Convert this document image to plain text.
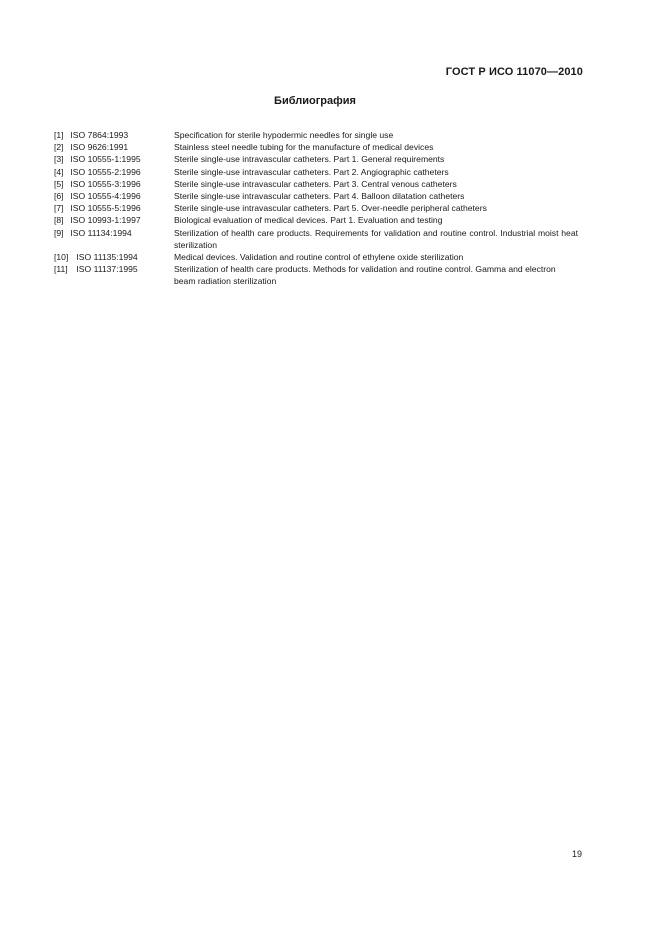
ГОСТ Р ИСО 11070—2010
Библиография
[1] ISO 7864:1993	Specification for sterile hypodermic needles for single use
[2] ISO 9626:1991	Stainless steel needle tubing for the manufacture of medical devices
[3] ISO 10555-1:1995	Sterile single-use intravascular catheters. Part 1. General requirements
[4] ISO 10555-2:1996	Sterile single-use intravascular catheters. Part 2. Angiographic catheters
[5] ISO 10555-3:1996	Sterile single-use intravascular catheters. Part 3. Central venous catheters
[6] ISO 10555-4:1996	Sterile single-use intravascular catheters. Part 4. Balloon dilatation catheters
[7] ISO 10555-5:1996	Sterile single-use intravascular catheters. Part 5. Over-needle peripheral catheters
[8] ISO 10993-1:1997	Biological evaluation of medical devices. Part 1. Evaluation and testing
[9] ISO 11134:1994	Sterilization of health care products. Requirements for validation and routine control. Industrial moist heat sterilization
[10] ISO 11135:1994	Medical devices. Validation and routine control of ethylene oxide sterilization
[11] ISO 11137:1995	Sterilization of health care products. Methods for validation and routine control. Gamma and electron beam radiation sterilization
19
